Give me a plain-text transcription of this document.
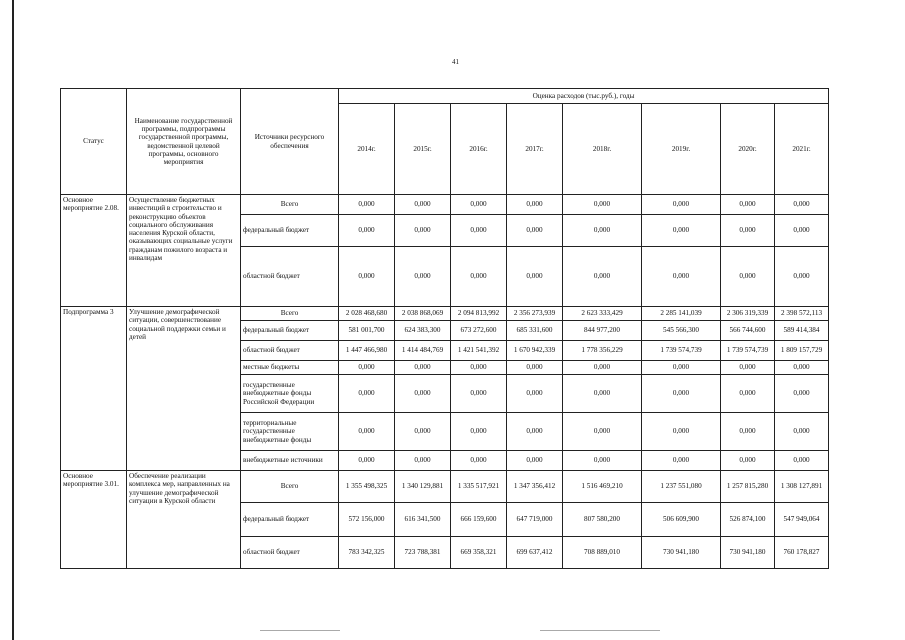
41
Статус	Наименование государственной программы, подпрограммы государственной программы, ведомственной целевой программы, основного мероприятия	Источники ресурсного обеспечения	Оценка расходов (тыс.руб.), годы							
			2014г.	2015г.	2016г.	2017г.	2018г.	2019г.	2020г.	2021г.
Основное мероприятие 2.08.	Осуществление бюджетных инвестиций в строительство и реконструкцию объектов социального обслуживания населения Курской области, оказывающих социальные услуги гражданам пожилого возраста и инвалидам	Всего	0,000	0,000	0,000	0,000	0,000	0,000	0,000	0,000
		федеральный бюджет	0,000	0,000	0,000	0,000	0,000	0,000	0,000	0,000
		областной бюджет	0,000	0,000	0,000	0,000	0,000	0,000	0,000	0,000
Подпрограмма 3	Улучшение демографической ситуации, совершенствование социальной поддержки семьи и детей	Всего	2 028 468,680	2 038 868,069	2 094 813,992	2 356 273,939	2 623 333,429	2 285 141,039	2 306 319,339	2 398 572,113
		федеральный бюджет	581 001,700	624 383,300	673 272,600	685 331,600	844 977,200	545 566,300	566 744,600	589 414,384
		областной бюджет	1 447 466,980	1 414 484,769	1 421 541,392	1 670 942,339	1 778 356,229	1 739 574,739	1 739 574,739	1 809 157,729
		местные бюджеты	0,000	0,000	0,000	0,000	0,000	0,000	0,000	0,000
		государственные внебюджетные фонды Российской Федерации	0,000	0,000	0,000	0,000	0,000	0,000	0,000	0,000
		территориальные государственные внебюджетные фонды	0,000	0,000	0,000	0,000	0,000	0,000	0,000	0,000
		внебюджетные источники	0,000	0,000	0,000	0,000	0,000	0,000	0,000	0,000
Основное мероприятие 3.01.	Обеспечение реализации комплекса мер, направленных на улучшение демографической ситуации в Курской области	Всего	1 355 498,325	1 340 129,881	1 335 517,921	1 347 356,412	1 516 469,210	1 237 551,080	1 257 815,280	1 308 127,891
		федеральный бюджет	572 156,000	616 341,500	666 159,600	647 719,000	807 580,200	506 609,900	526 874,100	547 949,064
		областной бюджет	783 342,325	723 788,381	669 358,321	699 637,412	708 889,010	730 941,180	730 941,180	760 178,827
